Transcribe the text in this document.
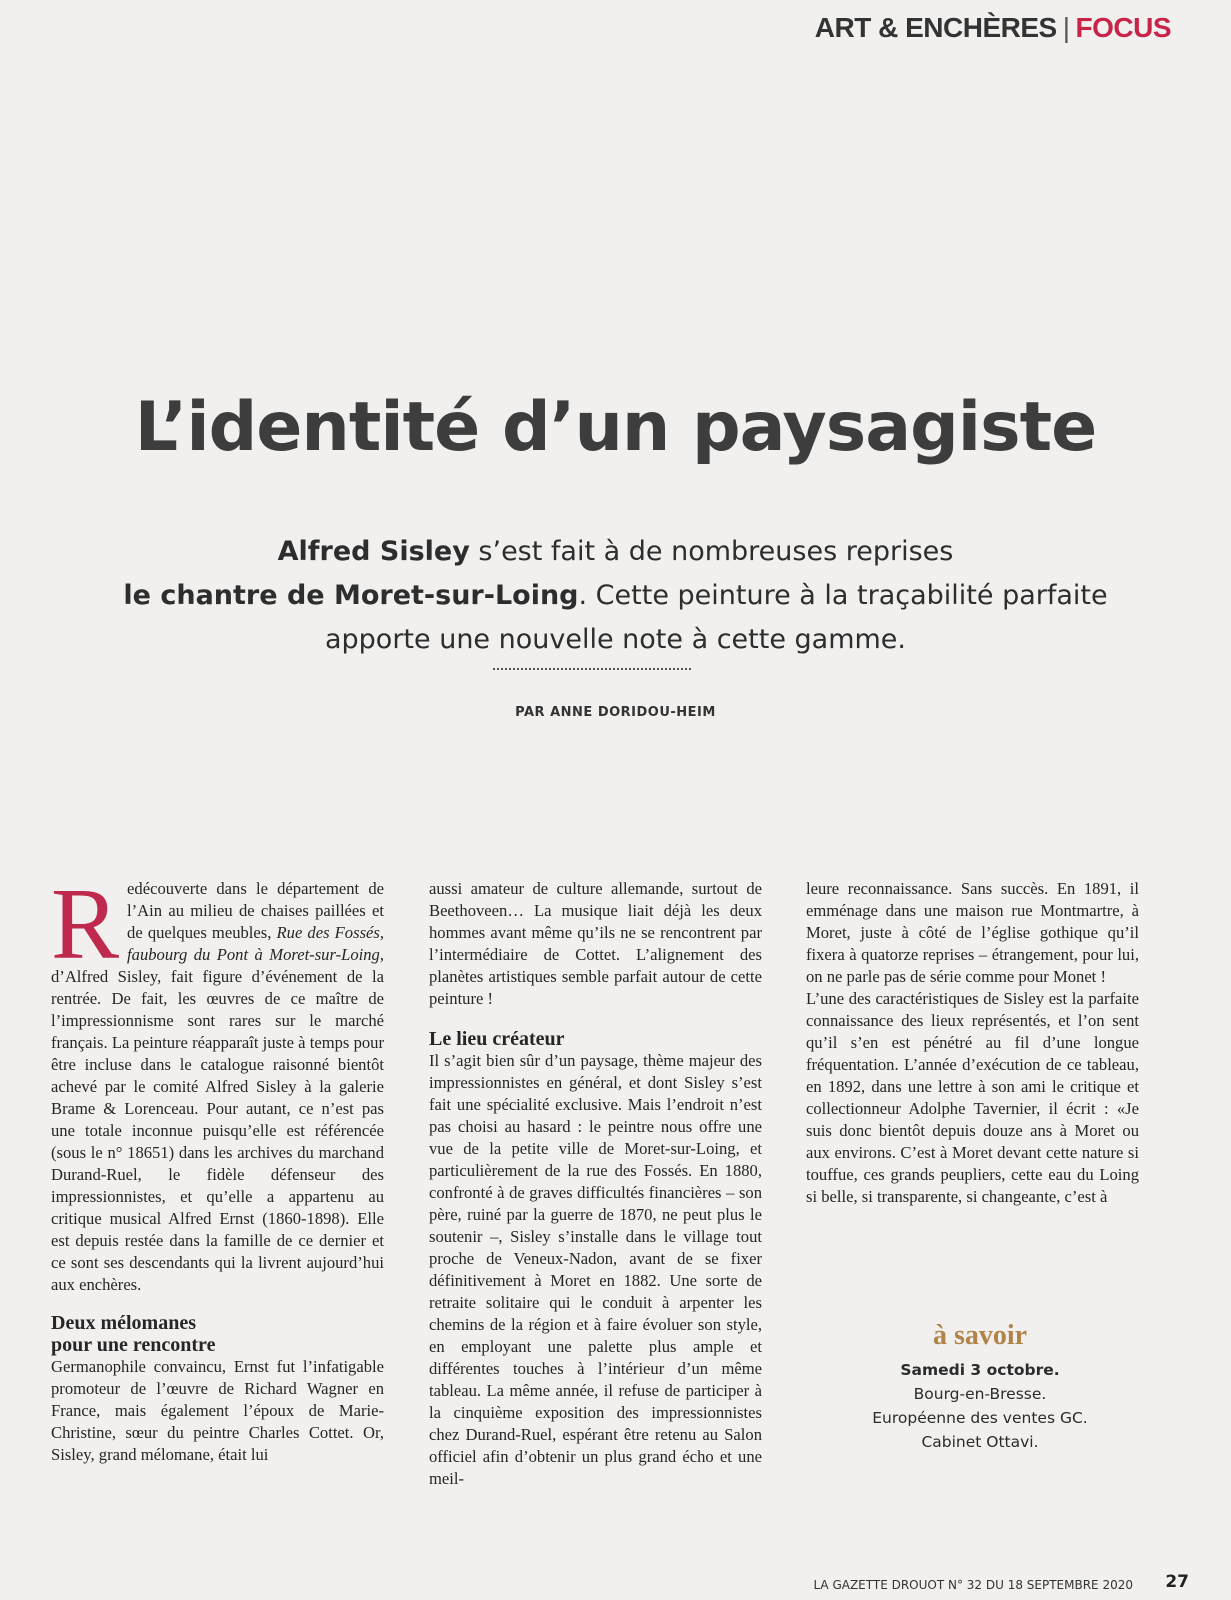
ART & ENCHÈRES | FOCUS
L’identité d’un paysagiste

Alfred Sisley s’est fait à de nombreuses reprises
le chantre de Moret-sur-Loing. Cette peinture à la traçabilité parfaite
apporte une nouvelle note à cette gamme.

PAR ANNE DORIDOU-HEIM

Redécouverte dans le département de l’Ain au milieu de chaises paillées et de quelques meubles, Rue des Fossés, faubourg du Pont à Moret-sur-Loing, d’Alfred Sisley, fait figure d’événement de la rentrée. De fait, les œuvres de ce maître de l’impressionnisme sont rares sur le marché français. La peinture réapparaît juste à temps pour être incluse dans le catalogue raisonné bientôt achevé par le comité Alfred Sisley à la galerie Brame & Lorenceau. Pour autant, ce n’est pas une totale inconnue puisqu’elle est référencée (sous le n° 18651) dans les archives du marchand Durand-Ruel, le fidèle défenseur des impressionnistes, et qu’elle a appartenu au critique musical Alfred Ernst (1860-1898). Elle est depuis restée dans la famille de ce dernier et ce sont ses descendants qui la livrent aujourd’hui aux enchères.

Deux mélomanes
pour une rencontre

Germanophile convaincu, Ernst fut l’infatigable promoteur de l’œuvre de Richard Wagner en France, mais également l’époux de Marie-Christine, sœur du peintre Charles Cottet. Or, Sisley, grand mélomane, était lui

aussi amateur de culture allemande, surtout de Beethoveen… La musique liait déjà les deux hommes avant même qu’ils ne se rencontrent par l’intermédiaire de Cottet. L’alignement des planètes artistiques semble parfait autour de cette peinture !

Le lieu créateur

Il s’agit bien sûr d’un paysage, thème majeur des impressionnistes en général, et dont Sisley s’est fait une spécialité exclusive. Mais l’endroit n’est pas choisi au hasard : le peintre nous offre une vue de la petite ville de Moret-sur-Loing, et particulièrement de la rue des Fossés. En 1880, confronté à de graves difficultés financières – son père, ruiné par la guerre de 1870, ne peut plus le soutenir –, Sisley s’installe dans le village tout proche de Veneux-Nadon, avant de se fixer définitivement à Moret en 1882. Une sorte de retraite solitaire qui le conduit à arpenter les chemins de la région et à faire évoluer son style, en employant une palette plus ample et différentes touches à l’intérieur d’un même tableau. La même année, il refuse de participer à la cinquième exposition des impressionnistes chez Durand-Ruel, espérant être retenu au Salon officiel afin d’obtenir un plus grand écho et une meil-

leure reconnaissance. Sans succès. En 1891, il emménage dans une maison rue Montmartre, à Moret, juste à côté de l’église gothique qu’il fixera à quatorze reprises – étrangement, pour lui, on ne parle pas de série comme pour Monet !

L’une des caractéristiques de Sisley est la parfaite connaissance des lieux représentés, et l’on sent qu’il s’en est pénétré au fil d’une longue fréquentation. L’année d’exécution de ce tableau, en 1892, dans une lettre à son ami le critique et collectionneur Adolphe Tavernier, il écrit : «Je suis donc bientôt depuis douze ans à Moret ou aux environs. C’est à Moret devant cette nature si touffue, ces grands peupliers, cette eau du Loing si belle, si transparente, si changeante, c’est à

à savoir
Samedi 3 octobre.
Bourg-en-Bresse.
Européenne des ventes GC.
Cabinet Ottavi.
LA GAZETTE DROUOT N° 32 DU 18 SEPTEMBRE 2020 27
